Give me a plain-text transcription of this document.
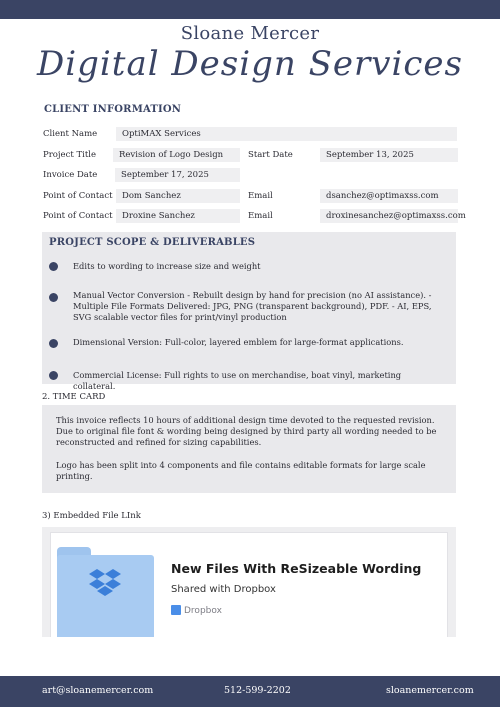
Sloane Mercer
Digital Design Services
CLIENT INFORMATION
Client Name	OptiMAX Services
Project Title	Revision of Logo Design	Start Date	September 13, 2025
Invoice Date	September 17, 2025
Point of Contact	Dom Sanchez	Email	dsanchez@optimaxss.com
Point of Contact	Droxine Sanchez	Email	droxinesanchez@optimaxss.com
PROJECT SCOPE & DELIVERABLES
Edits to wording to increase size and weight
Manual Vector Conversion - Rebuilt design by hand for precision (no AI assistance). - Multiple File Formats Delivered: JPG, PNG (transparent background), PDF. - AI, EPS, SVG scalable vector files for print/vinyl production
Dimensional Version: Full-color, layered emblem for large-format applications.
Commercial License: Full rights to use on merchandise, boat vinyl, marketing collateral.
2. TIME CARD
This invoice reflects 10 hours of additional design time devoted to the requested revision. Due to original file font & wording being designed by third party all wording needed to be reconstructed and refined for sizing capabilities.
Logo has been split into 4 components and file contains editable formats for large scale printing.
3) Embedded File LInk
New Files With ReSizeable Wording
Shared with Dropbox
Dropbox
art@sloanemercer.com	512-599-2202	sloanemercer.com
